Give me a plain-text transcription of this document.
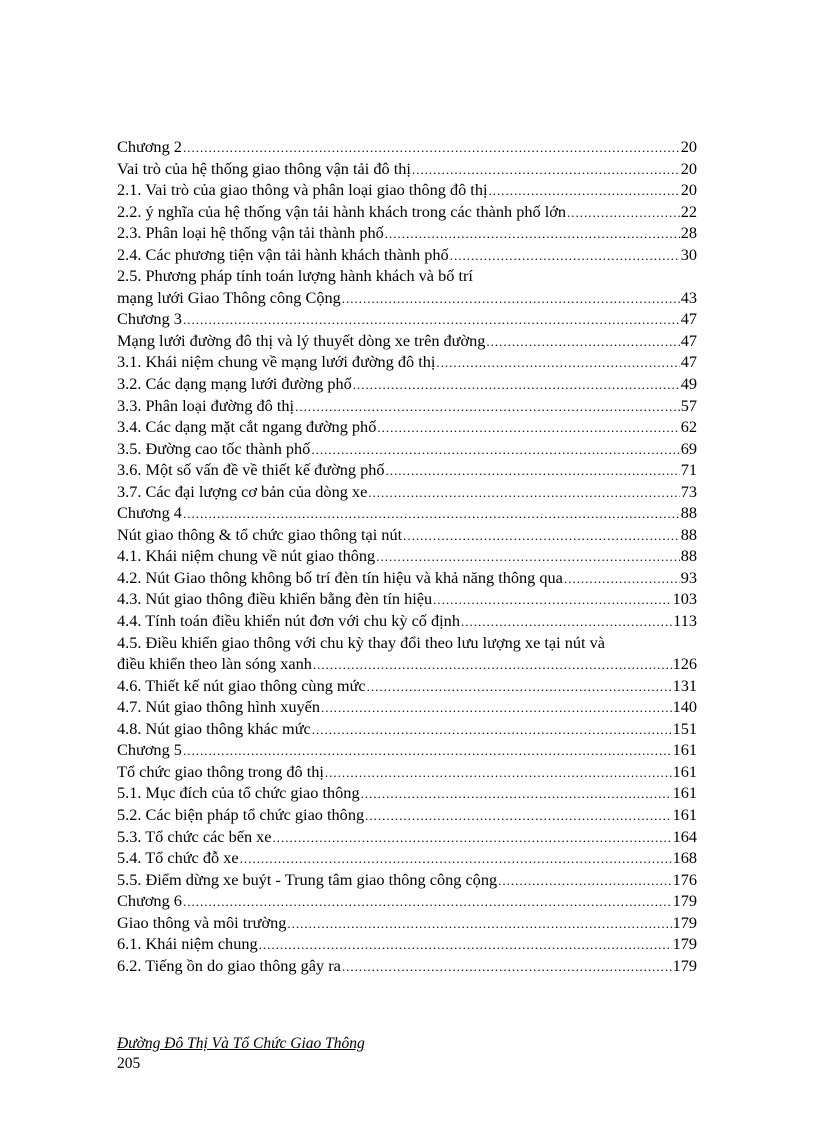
Chương 2 .....	20
Vai trò của hệ thống giao thông vận tải đô thị .....	20
2.1. Vai trò của giao thông và phân loại giao thông đô thị .....	20
2.2. ý nghĩa của hệ thống vận tải hành khách trong các thành phố lớn .....	22
2.3. Phân loại hệ thống vận tải thành phố .....	28
2.4. Các phương tiện vận tải hành khách thành phố .....	30
2.5. Phương pháp tính toán lượng hành khách và bố trí
mạng lưới Giao Thông công Cộng .....	43
Chương 3 .....	47
Mạng lưới đường đô thị và lý thuyết dòng xe trên đường .....	47
3.1. Khái niệm chung về mạng lưới đường đô thị .....	47
3.2. Các dạng mạng lưới đường phố .....	49
3.3. Phân loại đường đô thị .....	57
3.4. Các dạng mặt cắt ngang đường phố .....	62
3.5. Đường cao tốc thành phố .....	69
3.6. Một số vấn đề về thiết kế đường phố .....	71
3.7. Các đại lượng cơ bản của dòng xe .....	73
Chương 4 .....	88
Nút giao thông & tổ chức giao thông tại nút .....	88
4.1. Khái niệm chung về nút giao thông .....	88
4.2. Nút Giao thông không bố trí đèn tín hiệu và khả năng thông qua .....	93
4.3. Nút giao thông điều khiển bằng đèn tín hiệu .....	103
4.4. Tính toán điều khiển nút đơn với chu kỳ cố định .....	113
4.5. Điều khiển giao thông với chu kỳ thay đổi theo lưu lượng xe tại nút và
điều khiển theo làn sóng xanh .....	126
4.6. Thiết kế nút giao thông cùng mức .....	131
4.7. Nút giao thông hình xuyến .....	140
4.8. Nút giao thông khác mức .....	151
Chương 5 .....	161
Tổ chức giao thông trong đô thị .....	161
5.1. Mục đích của tổ chức giao thông .....	161
5.2. Các biện pháp tổ chức giao thông .....	161
5.3. Tổ chức các bến xe .....	164
5.4. Tổ chức đỗ xe .....	168
5.5. Điểm dừng xe buýt - Trung tâm giao thông công cộng .....	176
Chương 6 .....	179
Giao thông và môi trường .....	179
6.1. Khái niệm chung .....	179
6.2. Tiếng ồn do giao thông gây ra .....	179
Đường Đô Thị Và Tổ Chức Giao Thông
205
